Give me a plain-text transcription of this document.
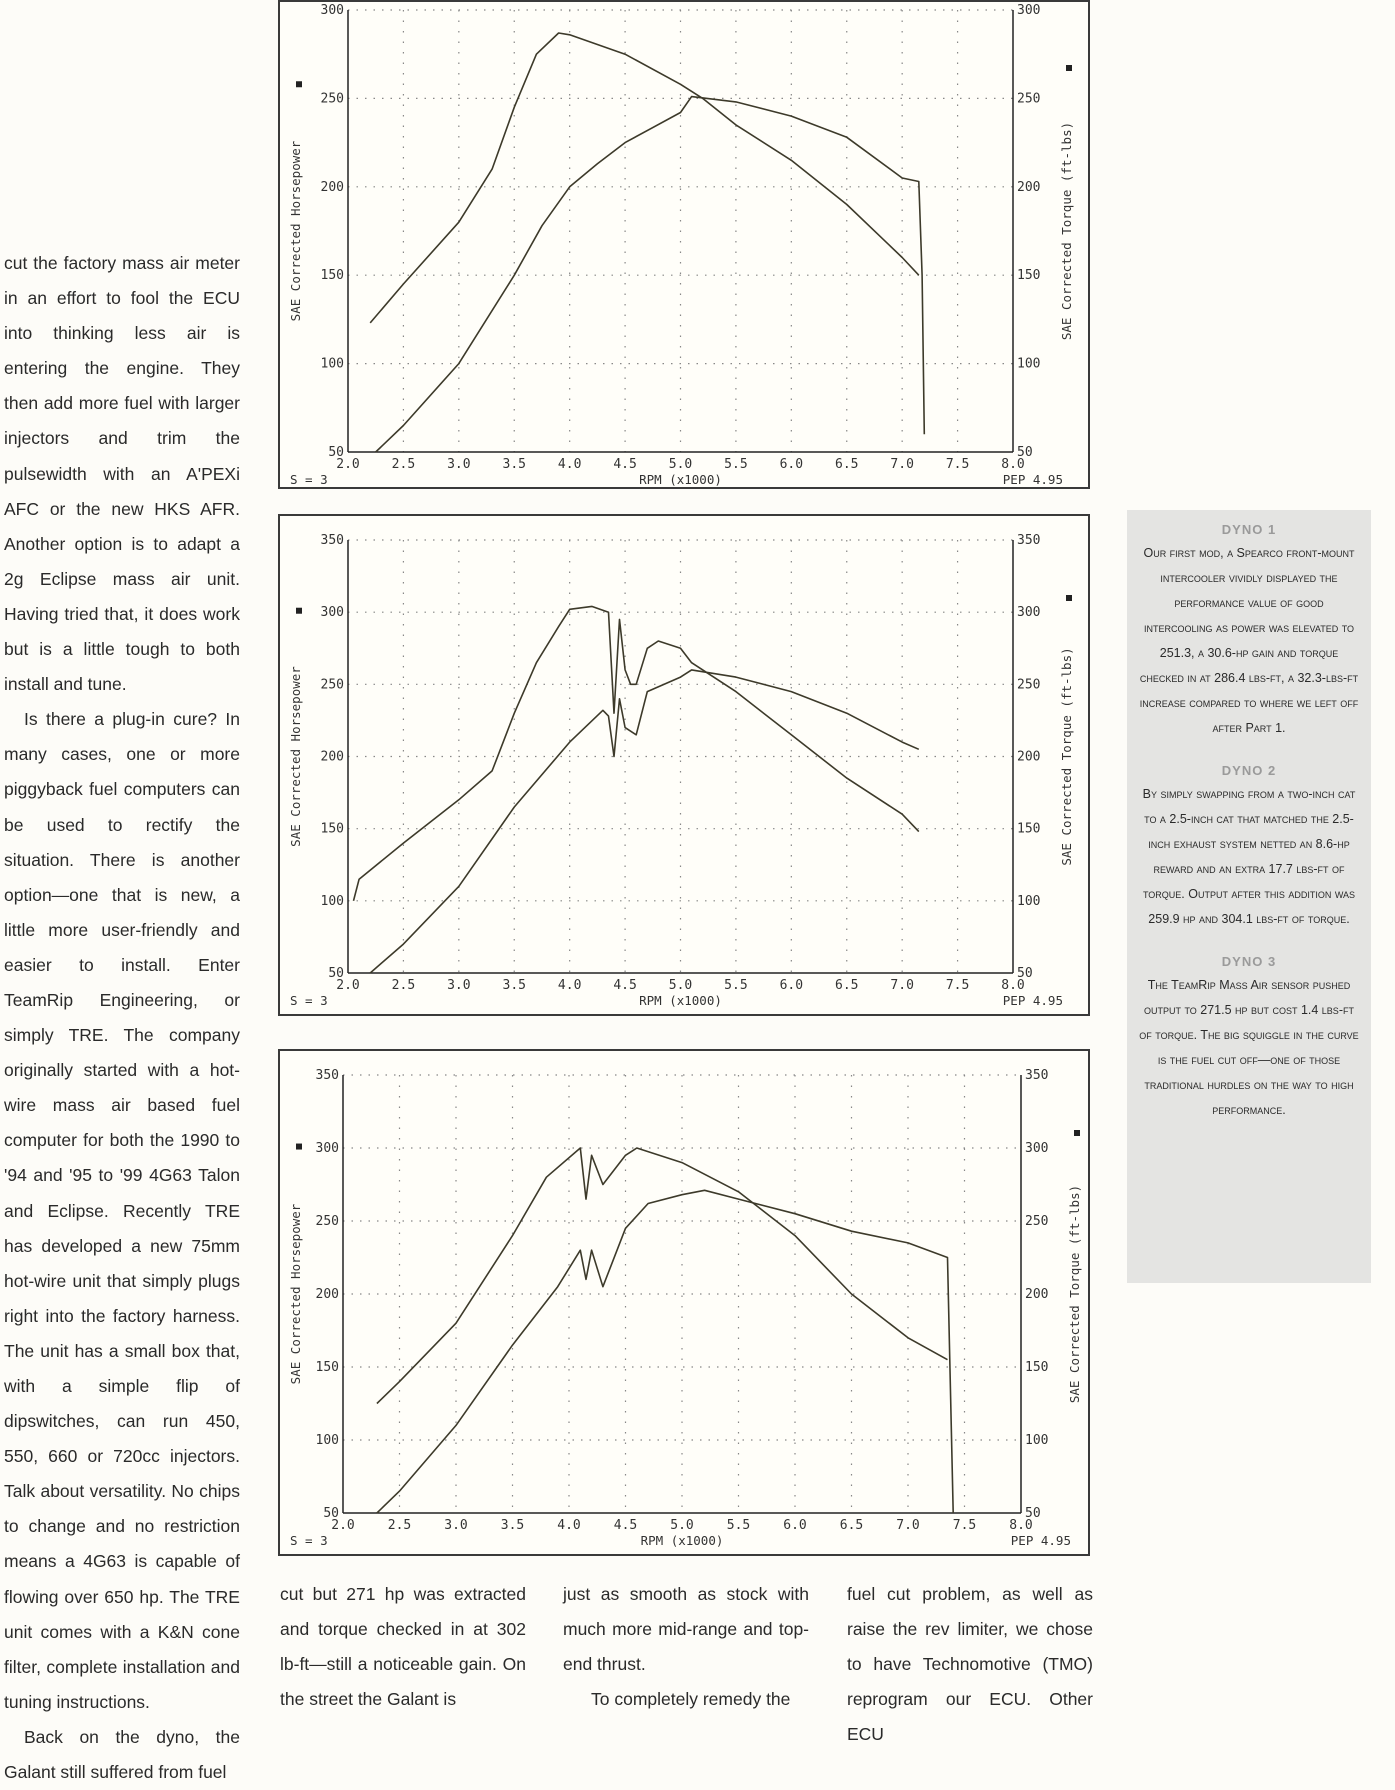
cut the factory mass air meter in an effort to fool the ECU into thinking less air is entering the engine. They then add more fuel with larger injectors and trim the pulsewidth with an A'PEXi AFC or the new HKS AFR. Another option is to adapt a 2g Eclipse mass air unit. Having tried that, it does work but is a little tough to both install and tune.

Is there a plug-in cure? In many cases, one or more piggyback fuel computers can be used to rectify the situation. There is another option—one that is new, a little more user-friendly and easier to install. Enter TeamRip Engineering, or simply TRE. The company originally started with a hot-wire mass air based fuel computer for both the 1990 to '94 and '95 to '99 4G63 Talon and Eclipse. Recently TRE has developed a new 75mm hot-wire unit that simply plugs right into the factory harness. The unit has a small box that, with a simple flip of dipswitches, can run 450, 550, 660 or 720cc injectors. Talk about versatility. No chips to change and no restriction means a 4G63 is capable of flowing over 650 hp. The TRE unit comes with a K&N cone filter, complete installation and tuning instructions.

Back on the dyno, the Galant still suffered from fuel

2.0 2.5 3.0 3.5 4.0 4.5 5.0 5.5 6.0 6.5 7.0 7.5 8.0
50	50
100	100
150	150
200	200
250	250
300	300
RPM (x1000)
S = 3	PEP 4.95
SAE Corrected Horsepower	SAE Corrected Torque (ft-lbs)
2.0 2.5 3.0 3.5 4.0 4.5 5.0 5.5 6.0 6.5 7.0 7.5 8.0
50	50
100	100
150	150
200	200
250	250
300	300
350	350
RPM (x1000)
S = 3	PEP 4.95
SAE Corrected Horsepower	SAE Corrected Torque (ft-lbs)
2.0	2.5	3.0	3.5	4.0	4.5	5.0	5.5	6.0	6.5	7.0	7.5	8.0
50	50
100	100
150	150
200	200
250	250
300	300
350	350
RPM (x1000)
S = 3	PEP 4.95
SAE Corrected Horsepower	SAE Corrected Torque (ft-lbs)
DYNO 1

Our first mod, a Spearco front-mount intercooler vividly displayed the performance value of good intercooling as power was elevated to 251.3, a 30.6-hp gain and torque checked in at 286.4 lbs-ft, a 32.3-lbs-ft increase compared to where we left off after Part 1.

DYNO 2

By simply swapping from a two-inch cat to a 2.5-inch cat that matched the 2.5-inch exhaust system netted an 8.6-hp reward and an extra 17.7 lbs-ft of torque. Output after this addition was 259.9 hp and 304.1 lbs-ft of torque.

DYNO 3

The TeamRip Mass Air sensor pushed output to 271.5 hp but cost 1.4 lbs-ft of torque. The big squiggle in the curve is the fuel cut off—one of those traditional hurdles on the way to high performance.

cut but 271 hp was extracted and torque checked in at 302 lb-ft—still a noticeable gain. On the street the Galant is

just as smooth as stock with much more mid-range and top-end thrust.

To completely remedy the

fuel cut problem, as well as raise the rev limiter, we chose to have Technomotive (TMO) reprogram our ECU. Other ECU
